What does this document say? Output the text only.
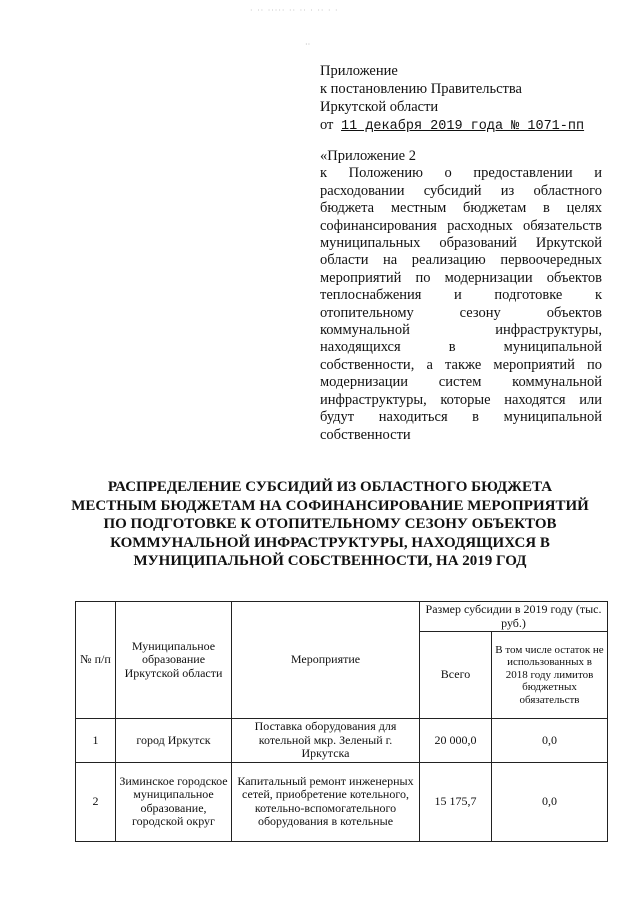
· ·· ····· ·· ·· · ·· · ·
··
Приложение
к постановлению Правительства
Иркутской области
от 11 декабря 2019 года № 1071-пп
«Приложение 2
к Положению о предоставлении и расходовании субсидий из областного бюджета местным бюджетам в целях софинансирования расходных обязательств муниципальных образований Иркутской области на реализацию первоочередных мероприятий по модернизации объектов теплоснабжения и подготовке к отопительному сезону объектов коммунальной инфраструктуры, находящихся в муниципальной собственности, а также мероприятий по модернизации систем коммунальной инфраструктуры, которые находятся или будут находиться в муниципальной собственности
РАСПРЕДЕЛЕНИЕ СУБСИДИЙ ИЗ ОБЛАСТНОГО БЮДЖЕТА МЕСТНЫМ БЮДЖЕТАМ НА СОФИНАНСИРОВАНИЕ МЕРОПРИЯТИЙ ПО ПОДГОТОВКЕ К ОТОПИТЕЛЬНОМУ СЕЗОНУ ОБЪЕКТОВ КОММУНАЛЬНОЙ ИНФРАСТРУКТУРЫ, НАХОДЯЩИХСЯ В МУНИЦИПАЛЬНОЙ СОБСТВЕННОСТИ, НА 2019 ГОД
№ п/п	Муниципальное образование Иркутской области	Мероприятие	Размер субсидии в 2019 году (тыс. руб.)	
			Всего	В том числе остаток не использованных в 2018 году лимитов бюджетных обязательств
1	город Иркутск	Поставка оборудования для котельной мкр. Зеленый г. Иркутска	20 000,0	0,0
2	Зиминское городское муниципальное образование, городской округ	Капитальный ремонт инженерных сетей, приобретение котельного, котельно-вспомогательного оборудования в котельные	15 175,7	0,0
